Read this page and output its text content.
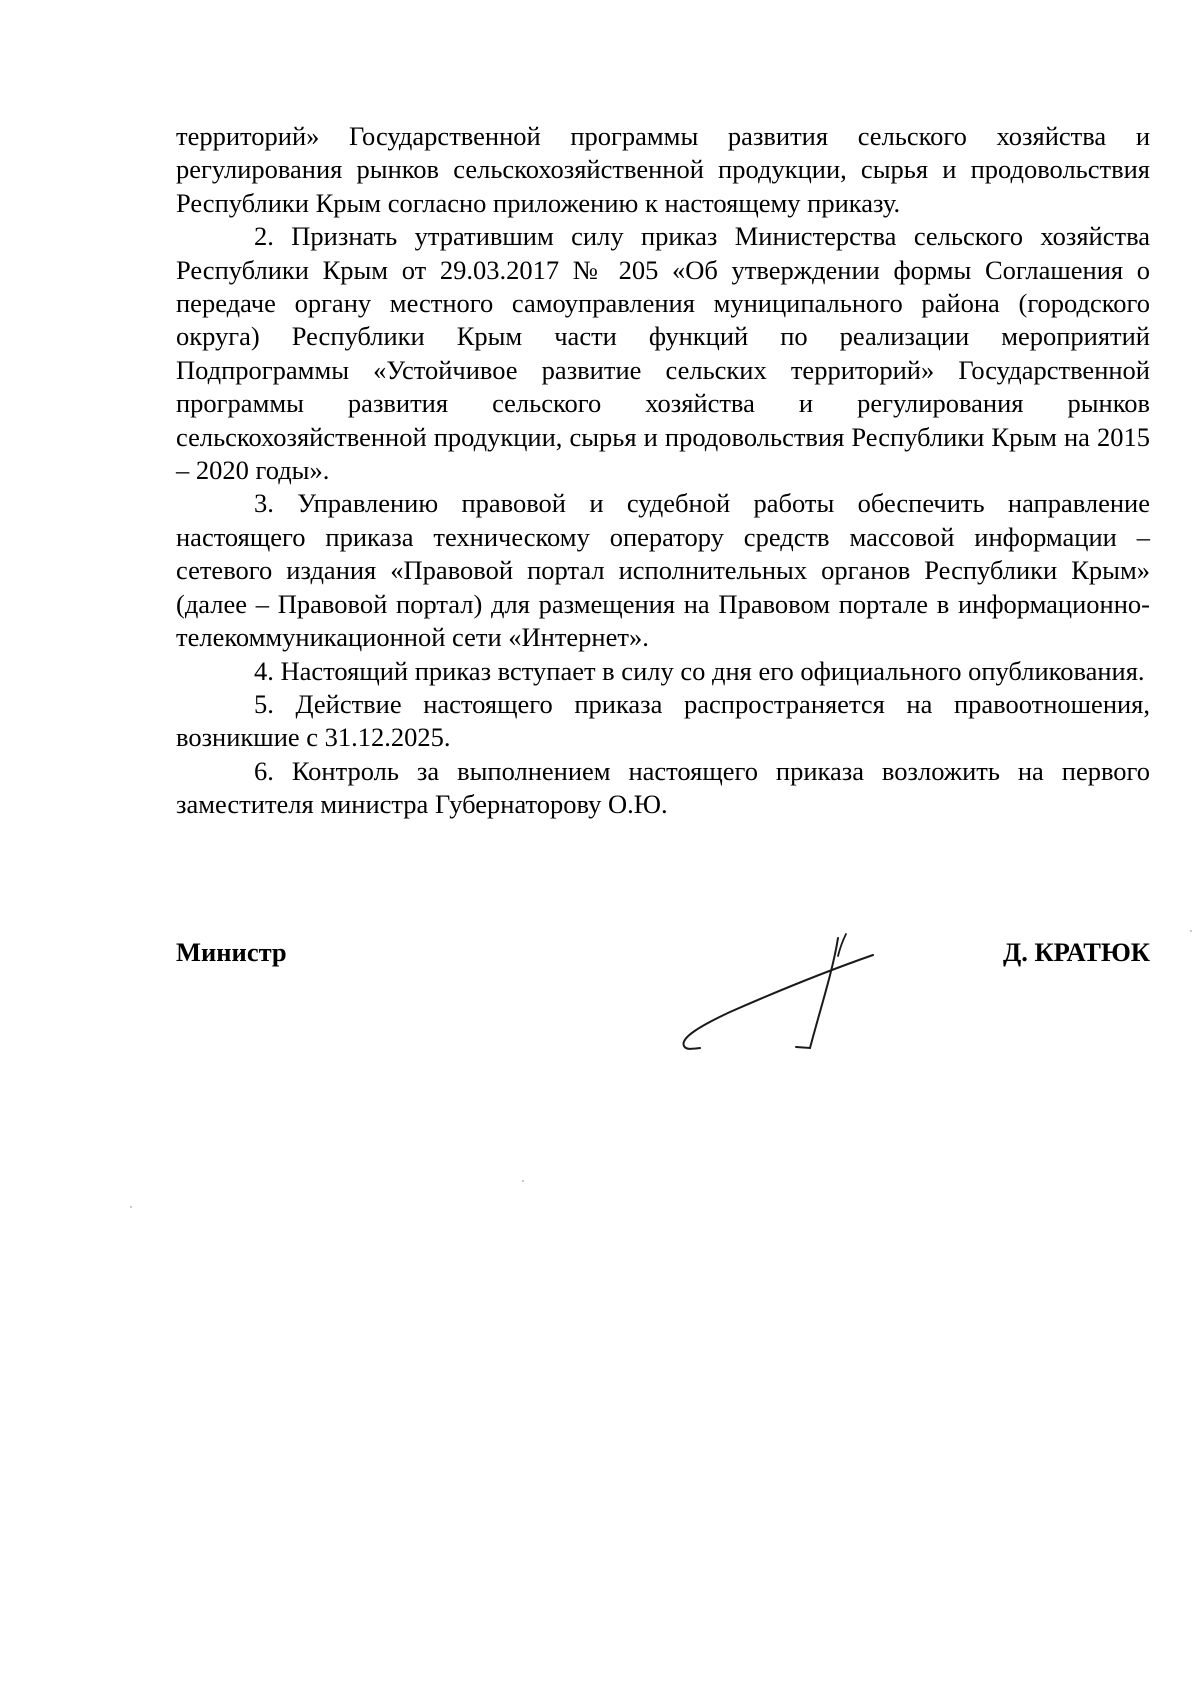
территорий» Государственной программы развития сельского хозяйства и регулирования рынков сельскохозяйственной продукции, сырья и продовольствия Республики Крым согласно приложению к настоящему приказу.

2. Признать утратившим силу приказ Министерства сельского хозяйства Республики Крым от 29.03.2017 № 205 «Об утверждении формы Соглашения о передаче органу местного самоуправления муниципального района (городского округа) Республики Крым части функций по реализации мероприятий Подпрограммы «Устойчивое развитие сельских территорий» Государственной программы развития сельского хозяйства и регулирования рынков сельскохозяйственной продукции, сырья и продовольствия Республики Крым на 2015 – 2020 годы».

3. Управлению правовой и судебной работы обеспечить направление настоящего приказа техническому оператору средств массовой информации – сетевого издания «Правовой портал исполнительных органов Республики Крым» (далее – Правовой портал) для размещения на Правовом портале в информационно-телекоммуникационной сети «Интернет».

4. Настоящий приказ вступает в силу со дня его официального опубликования.

5. Действие настоящего приказа распространяется на правоотношения, возникшие с 31.12.2025.

6. Контроль за выполнением настоящего приказа возложить на первого заместителя министра Губернаторову О.Ю.

Министр	Д. КРАТЮК
